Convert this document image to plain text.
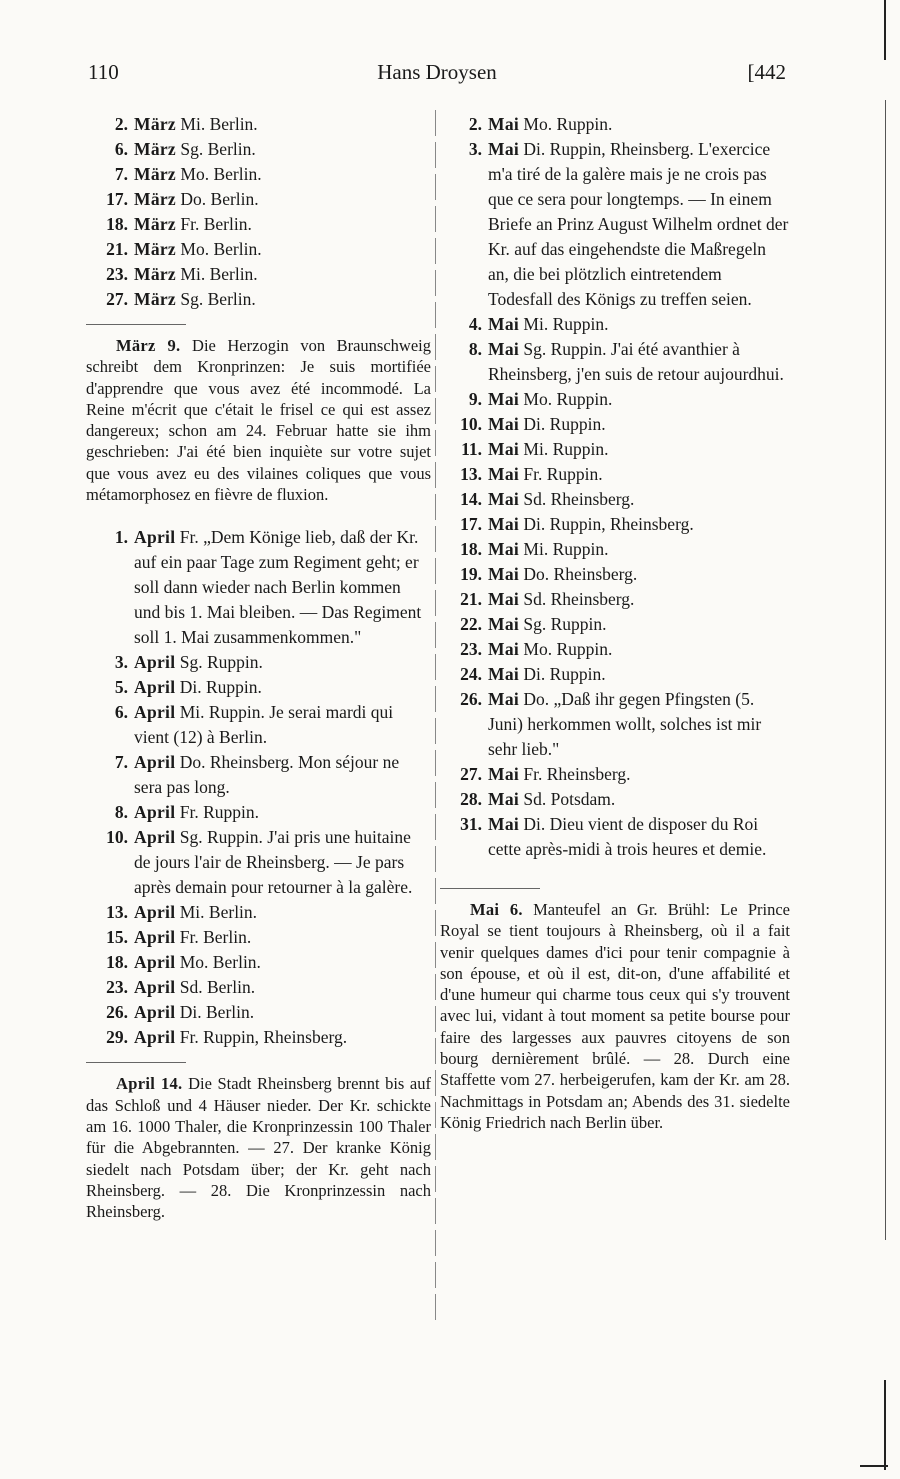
110	Hans Droysen	[442
2. März Mi. Berlin.
6. März Sg. Berlin.
7. März Mo. Berlin.
17. März Do. Berlin.
18. März Fr. Berlin.
21. März Mo. Berlin.
23. März Mi. Berlin.
27. März Sg. Berlin.
März 9. Die Herzogin von Braunschweig schreibt dem Kronprinzen: Je suis mortifiée d'apprendre que vous avez été incommodé. La Reine m'écrit que c'était le frisel ce qui est assez dangereux; schon am 24. Februar hatte sie ihm geschrieben: J'ai été bien inquiète sur votre sujet que vous avez eu des vilaines coliques que vous métamorphosez en fièvre de fluxion.
1. April Fr. „Dem Könige lieb, daß der Kr. auf ein paar Tage zum Regiment geht; er soll dann wieder nach Berlin kommen und bis 1. Mai bleiben. — Das Regiment soll 1. Mai zusammenkommen."
3. April Sg. Ruppin.
5. April Di. Ruppin.
6. April Mi. Ruppin. Je serai mardi qui vient (12) à Berlin.
7. April Do. Rheinsberg. Mon séjour ne sera pas long.
8. April Fr. Ruppin.
10. April Sg. Ruppin. J'ai pris une huitaine de jours l'air de Rheinsberg. — Je pars après demain pour retourner à la galère.
13. April Mi. Berlin.
15. April Fr. Berlin.
18. April Mo. Berlin.
23. April Sd. Berlin.
26. April Di. Berlin.
29. April Fr. Ruppin, Rheinsberg.
April 14. Die Stadt Rheinsberg brennt bis auf das Schloß und 4 Häuser nieder. Der Kr. schickte am 16. 1000 Thaler, die Kronprinzessin 100 Thaler für die Abgebrannten. — 27. Der kranke König siedelt nach Potsdam über; der Kr. geht nach Rheinsberg. — 28. Die Kronprinzessin nach Rheinsberg.
2. Mai Mo. Ruppin.
3. Mai Di. Ruppin, Rheinsberg. L'exercice m'a tiré de la galère mais je ne crois pas que ce sera pour longtemps. — In einem Briefe an Prinz August Wilhelm ordnet der Kr. auf das eingehendste die Maßregeln an, die bei plötzlich eintretendem Todesfall des Königs zu treffen seien.
4. Mai Mi. Ruppin.
8. Mai Sg. Ruppin. J'ai été avanthier à Rheinsberg, j'en suis de retour aujourdhui.
9. Mai Mo. Ruppin.
10. Mai Di. Ruppin.
11. Mai Mi. Ruppin.
13. Mai Fr. Ruppin.
14. Mai Sd. Rheinsberg.
17. Mai Di. Ruppin, Rheinsberg.
18. Mai Mi. Ruppin.
19. Mai Do. Rheinsberg.
21. Mai Sd. Rheinsberg.
22. Mai Sg. Ruppin.
23. Mai Mo. Ruppin.
24. Mai Di. Ruppin.
26. Mai Do. „Daß ihr gegen Pfingsten (5. Juni) herkommen wollt, solches ist mir sehr lieb."
27. Mai Fr. Rheinsberg.
28. Mai Sd. Potsdam.
31. Mai Di. Dieu vient de disposer du Roi cette après-midi à trois heures et demie.
Mai 6. Manteufel an Gr. Brühl: Le Prince Royal se tient toujours à Rheinsberg, où il a fait venir quelques dames d'ici pour tenir compagnie à son épouse, et où il est, dit-on, d'une affabilité et d'une humeur qui charme tous ceux qui s'y trouvent avec lui, vidant à tout moment sa petite bourse pour faire des largesses aux pauvres citoyens de son bourg dernièrement brûlé. — 28. Durch eine Staffette vom 27. herbeigerufen, kam der Kr. am 28. Nachmittags in Potsdam an; Abends des 31. siedelte König Friedrich nach Berlin über.
